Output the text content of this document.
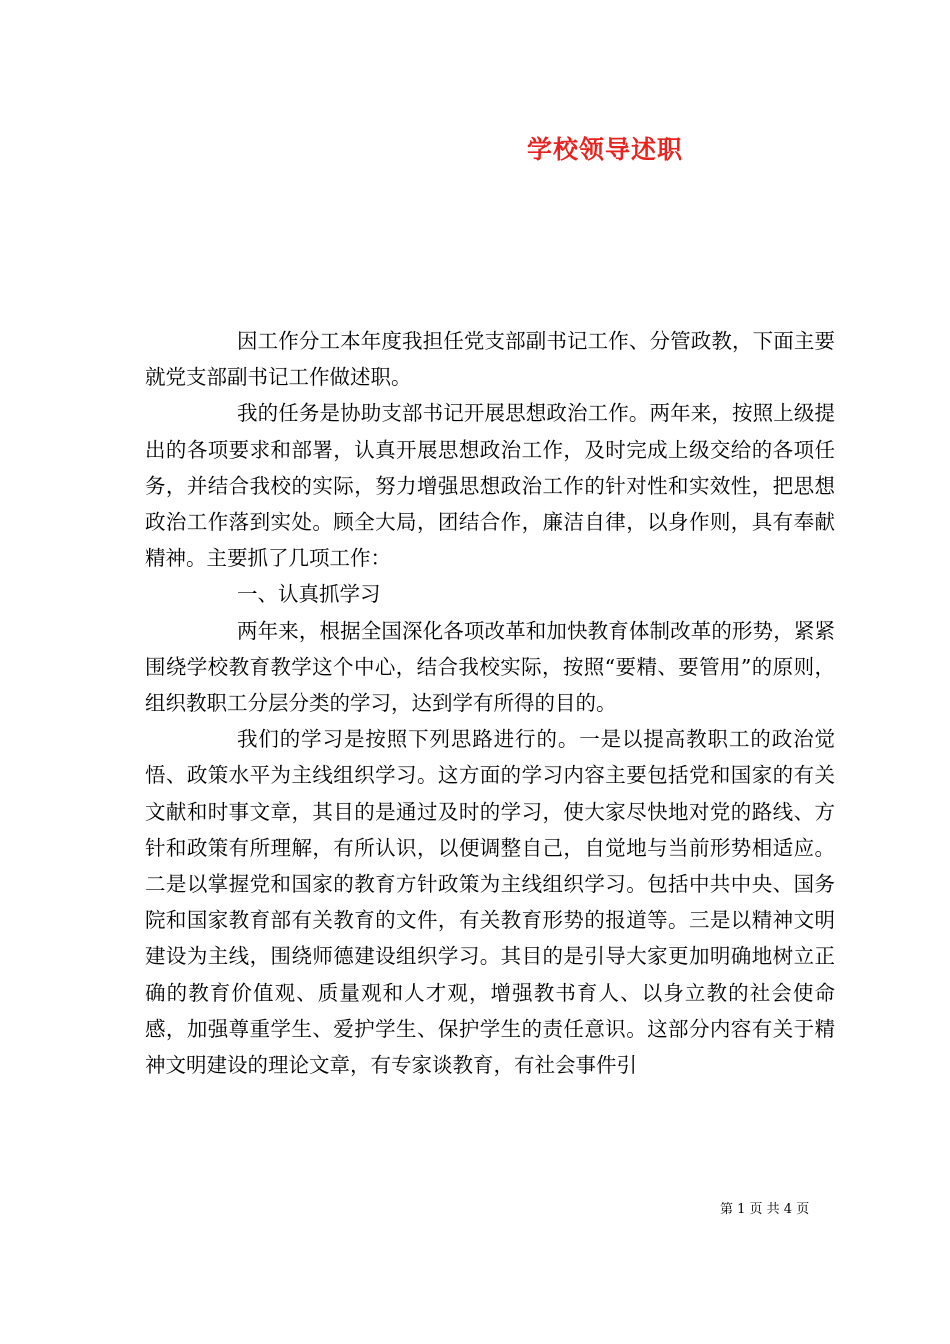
学校领导述职

因工作分工本年度我担任党支部副书记工作、分管政教，下面主要就党支部副书记工作做述职。

我的任务是协助支部书记开展思想政治工作。两年来，按照上级提出的各项要求和部署，认真开展思想政治工作，及时完成上级交给的各项任务，并结合我校的实际，努力增强思想政治工作的针对性和实效性，把思想政治工作落到实处。顾全大局，团结合作，廉洁自律，以身作则，具有奉献精神。主要抓了几项工作：

一、认真抓学习

两年来，根据全国深化各项改革和加快教育体制改革的形势，紧紧围绕学校教育教学这个中心，结合我校实际，按照“要精、要管用”的原则，组织教职工分层分类的学习，达到学有所得的目的。

我们的学习是按照下列思路进行的。一是以提高教职工的政治觉悟、政策水平为主线组织学习。这方面的学习内容主要包括党和国家的有关文献和时事文章，其目的是通过及时的学习，使大家尽快地对党的路线、方针和政策有所理解，有所认识，以便调整自己，自觉地与当前形势相适应。二是以掌握党和国家的教育方针政策为主线组织学习。包括中共中央、国务院和国家教育部有关教育的文件，有关教育形势的报道等。三是以精神文明建设为主线，围绕师德建设组织学习。其目的是引导大家更加明确地树立正确的教育价值观、质量观和人才观，增强教书育人、以身立教的社会使命感，加强尊重学生、爱护学生、保护学生的责任意识。这部分内容有关于精神文明建设的理论文章，有专家谈教育，有社会事件引

第 1 页 共 4 页
